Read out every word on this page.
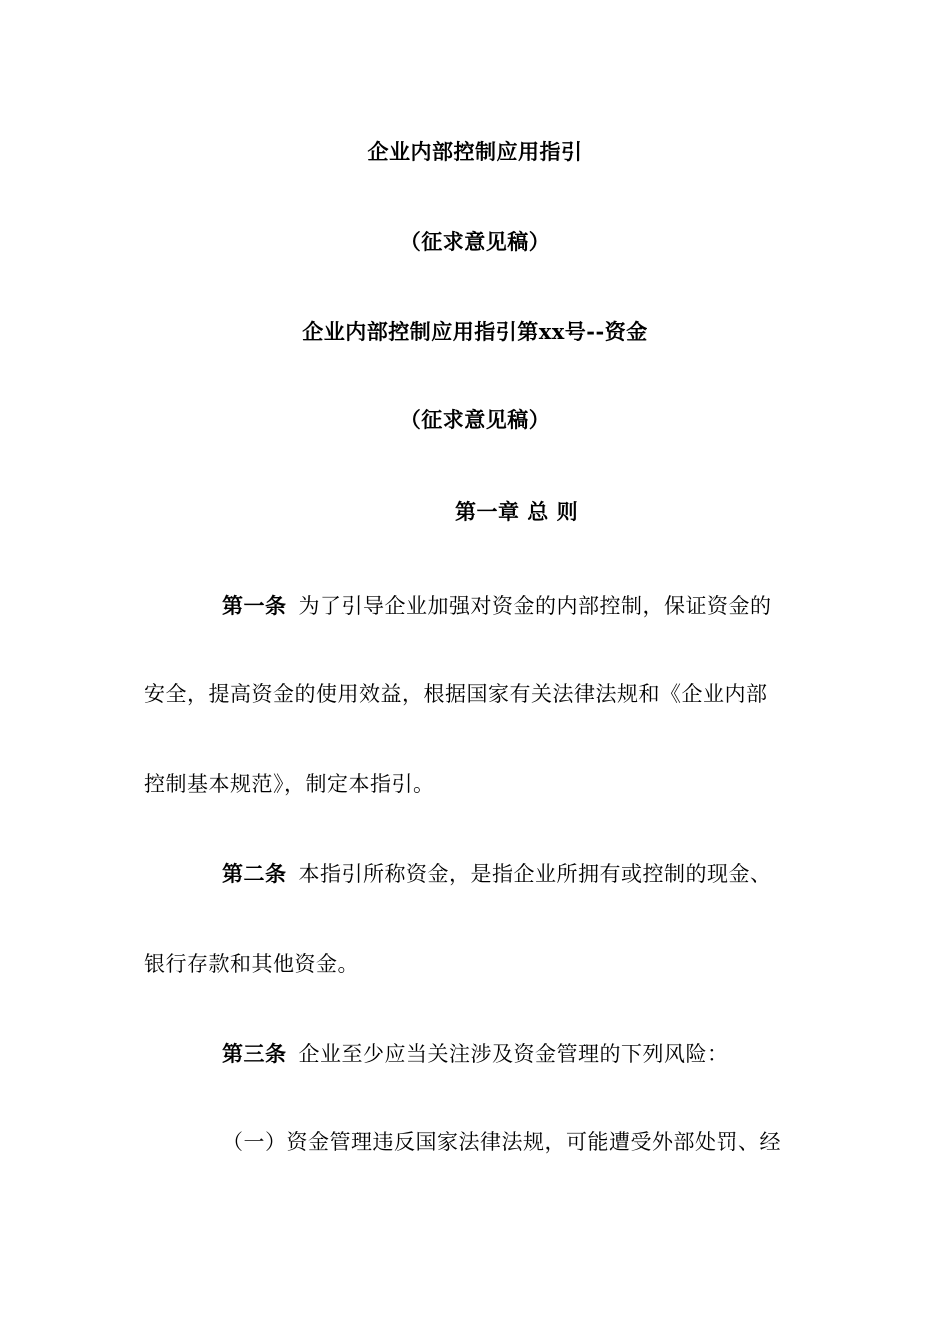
企业内部控制应用指引
（征求意见稿）
企业内部控制应用指引第xx号--资金
（征求意见稿）
第一章 总 则
第一条 为了引导企业加强对资金的内部控制，保证资金的
安全，提高资金的使用效益，根据国家有关法律法规和《企业内部
控制基本规范》，制定本指引。
第二条 本指引所称资金，是指企业所拥有或控制的现金、
银行存款和其他资金。
第三条 企业至少应当关注涉及资金管理的下列风险：
（一）资金管理违反国家法律法规，可能遭受外部处罚、经
